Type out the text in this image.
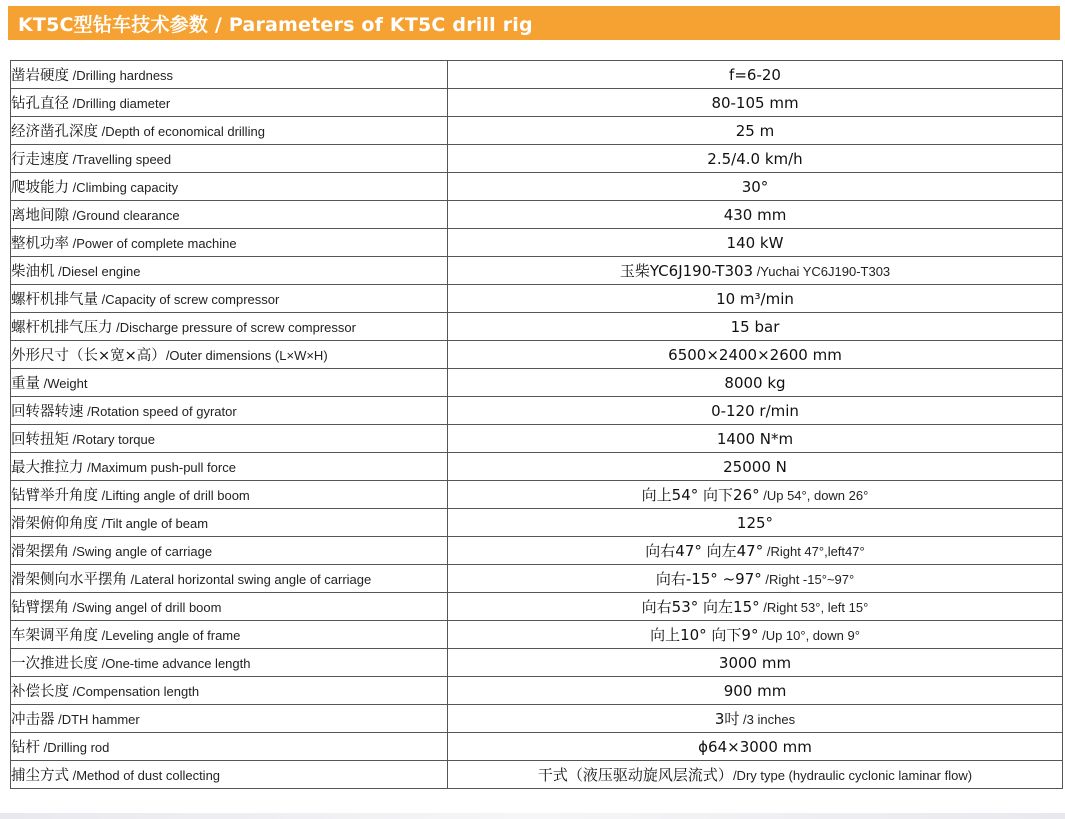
KT5C型钻车技术参数 / Parameters of KT5C drill rig
凿岩硬度 /Drilling hardness	f=6-20
钻孔直径 /Drilling diameter	80-105 mm
经济凿孔深度 /Depth of economical drilling	25 m
行走速度 /Travelling speed	2.5/4.0 km/h
爬坡能力 /Climbing capacity	30°
离地间隙 /Ground clearance	430 mm
整机功率 /Power of complete machine	140 kW
柴油机 /Diesel engine	玉柴YC6J190-T303 /Yuchai YC6J190-T303
螺杆机排气量 /Capacity of screw compressor	10 m³/min
螺杆机排气压力 /Discharge pressure of screw compressor	15 bar
外形尺寸（长×宽×高）/Outer dimensions (L×W×H)	6500×2400×2600 mm
重量 /Weight	8000 kg
回转器转速 /Rotation speed of gyrator	0-120 r/min
回转扭矩 /Rotary torque	1400 N*m
最大推拉力 /Maximum push-pull force	25000 N
钻臂举升角度 /Lifting angle of drill boom	向上54° 向下26° /Up 54°, down 26°
滑架俯仰角度 /Tilt angle of beam	125°
滑架摆角 /Swing angle of carriage	向右47° 向左47° /Right 47°,left47°
滑架侧向水平摆角 /Lateral horizontal swing angle of carriage	向右-15° ~97° /Right -15°~97°
钻臂摆角 /Swing angel of drill boom	向右53° 向左15° /Right 53°, left 15°
车架调平角度 /Leveling angle of frame	向上10° 向下9° /Up 10°, down 9°
一次推进长度 /One-time advance length	3000 mm
补偿长度 /Compensation length	900 mm
冲击器 /DTH hammer	3吋 /3 inches
钻杆 /Drilling rod	ϕ64×3000 mm
捕尘方式 /Method of dust collecting	干式（液压驱动旋风层流式）/Dry type (hydraulic cyclonic laminar flow)
